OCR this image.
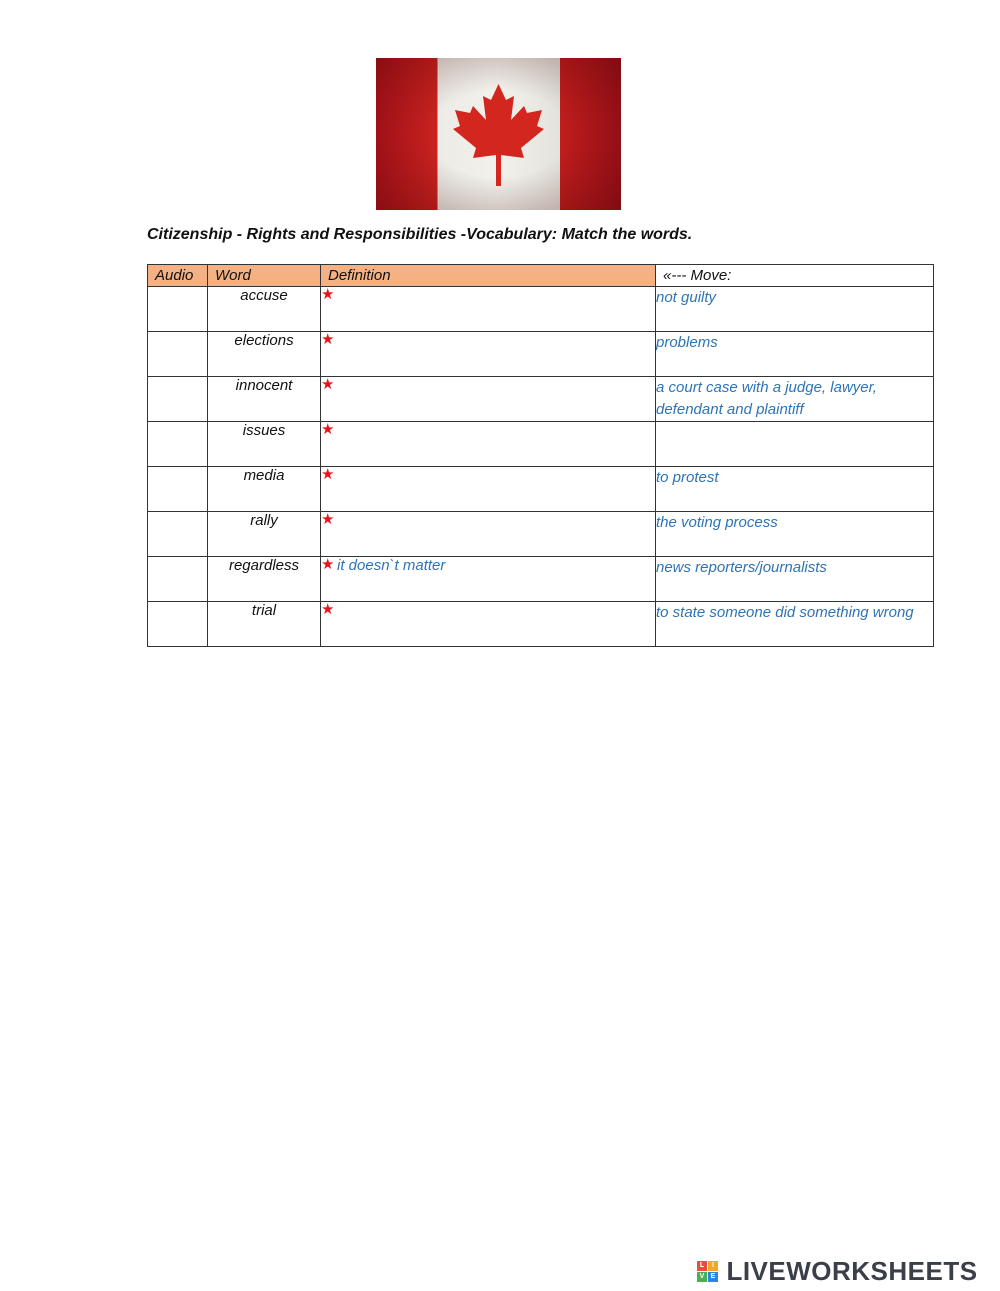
Citizenship - Rights and Responsibilities -Vocabulary: Match the words.
Audio	Word	Definition	«--- Move:
	accuse	★	not guilty
	elections	★	problems
	innocent	★	a court case with a judge, lawyer, defendant and plaintiff
	issues	★	

	media	★	to protest
	rally	★	the voting process
	regardless	★ it doesn`t matter	news reporters/journalists
	trial	★	to state someone did something wrong
L	I
V E LIVEWORKSHEETS
